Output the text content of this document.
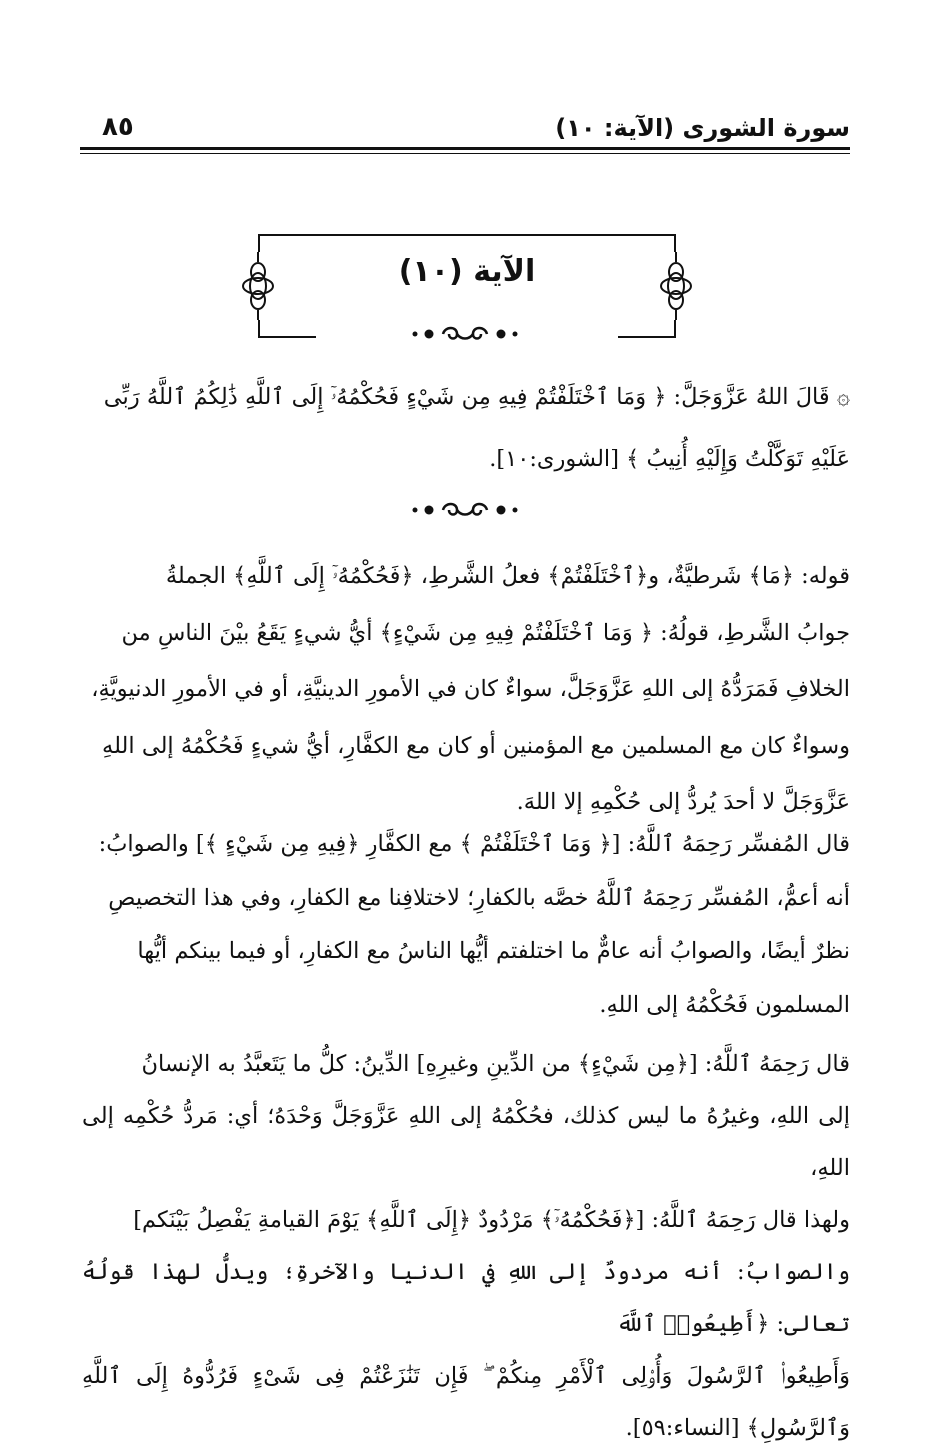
٨٥	سورة الشورى (الآية: ١٠)
الآية (١٠)

۞ قَالَ اللهُ عَزَّوَجَلَّ: ﴿ وَمَا ٱخْتَلَفْتُمْ فِيهِ مِن شَيْءٍ فَحُكْمُهُۥٓ إِلَى ٱللَّهِ ذَٰلِكُمُ ٱللَّهُ رَبِّى
عَلَيْهِ تَوَكَّلْتُ وَإِلَيْهِ أُنِيبُ ﴾ [الشورى:١٠].

قوله: ﴿مَا﴾ شَرطيَّةٌ، و﴿ٱخْتَلَفْتُمْ﴾ فعلُ الشَّرطِ، ﴿فَحُكْمُهُۥٓ إِلَى ٱللَّهِ﴾ الجملةُ
جوابُ الشَّرطِ، قولُهُ: ﴿ وَمَا ٱخْتَلَفْتُمْ فِيهِ مِن شَيْءٍ﴾ أيُّ شيءٍ يَقَعُ بيْنَ الناسِ من
الخلافِ فَمَرَدُّهُ إلى اللهِ عَزَّوَجَلَّ، سواءٌ كان في الأمورِ الدينيَّةِ، أو في الأمورِ الدنيويَّةِ،
وسواءٌ كان مع المسلمين مع المؤمنين أو كان مع الكفَّارِ، أيُّ شيءٍ فَحُكْمُهُ إلى اللهِ
عَزَّوَجَلَّ لا أحدَ يُردُّ إلى حُكْمِهِ إلا اللهَ.

قال المُفسِّر رَحِمَهُ ٱللَّهُ: [﴿ وَمَا ٱخْتَلَفْتُمْ ﴾ مع الكفَّارِ ﴿فِيهِ مِن شَيْءٍ ﴾] والصوابُ:
أنه أعمُّ، المُفسِّر رَحِمَهُ ٱللَّهُ خصَّه بالكفارِ؛ لاختلافِنا مع الكفارِ، وفي هذا التخصيصِ
نظرٌ أيضًا، والصوابُ أنه عامٌّ ما اختلفتم أيُّها الناسُ مع الكفارِ، أو فيما بينكم أيُّها
المسلمون فَحُكْمُهُ إلى اللهِ.

قال رَحِمَهُ ٱللَّهُ: [﴿مِن شَيْءٍ﴾ من الدِّينِ وغيرِهِ] الدِّينُ: كلُّ ما يَتَعبَّدُ به الإنسانُ
إلى اللهِ، وغيرُهُ ما ليس كذلك، فحُكْمُهُ إلى اللهِ عَزَّوَجَلَّ وَحْدَهُ؛ أي: مَردُّ حُكْمِه إلى اللهِ،
ولهذا قال رَحِمَهُ ٱللَّهُ: [﴿فَحُكْمُهُۥٓ﴾ مَرْدُودٌ ﴿إِلَى ٱللَّهِ﴾ يَوْمَ القيامةِ يَفْصِلُ بَيْنَكم]
والصوابُ: أنه مردودٌ إلى اللهِ في الدنيا والآخرةِ؛ ويدلُّ لهذا قولُهُ تعالى: ﴿أَطِيعُوا۟ ٱللَّهَ
وَأَطِيعُوا۟ ٱلرَّسُولَ وَأُو۟لِى ٱلْأَمْرِ مِنكُمْ ۖ فَإِن تَنَٰزَعْتُمْ فِى شَىْءٍ فَرُدُّوهُ إِلَى ٱللَّهِ وَٱلرَّسُولِ﴾ [النساء:٥٩].
